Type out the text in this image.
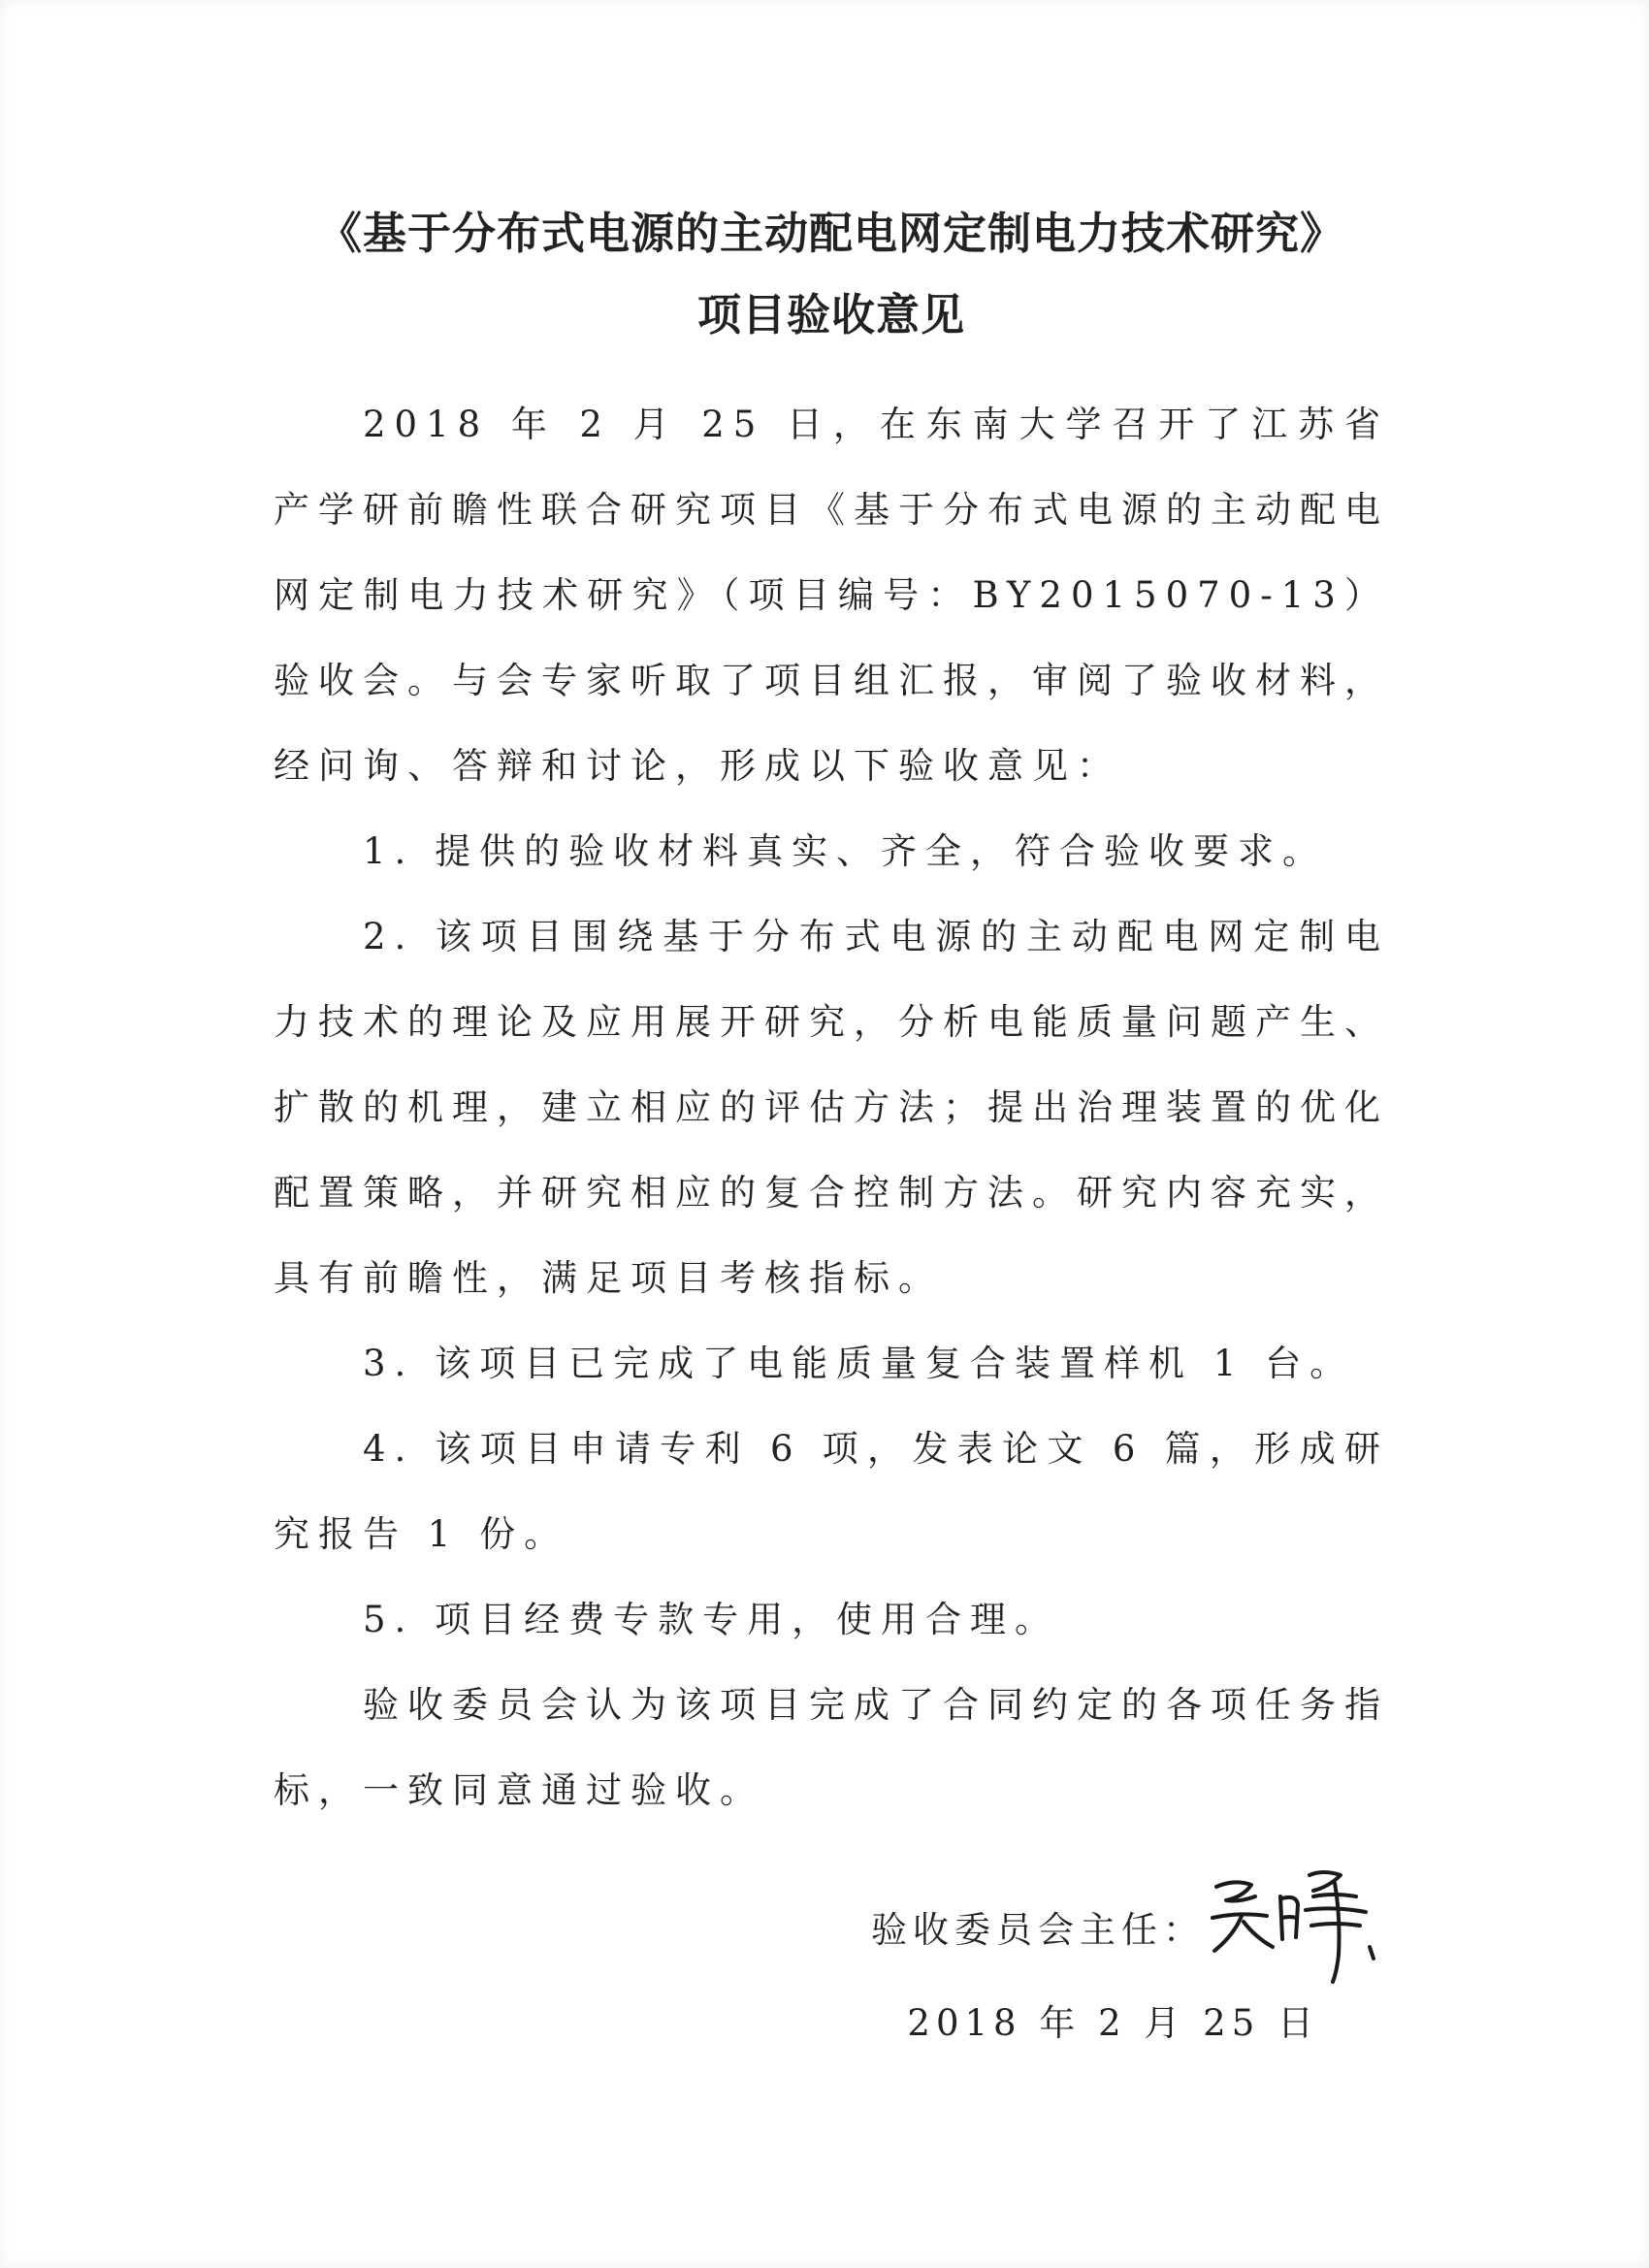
《基于分布式电源的主动配电网定制电力技术研究》
项目验收意见

2018 年 2 月 25 日，在东南大学召开了江苏省产学研前瞻性联合研究项目《基于分布式电源的主动配电网定制电力技术研究》（项目编号：BY2015070-13）验收会。与会专家听取了项目组汇报，审阅了验收材料，经问询、答辩和讨论，形成以下验收意见：

1. 提供的验收材料真实、齐全，符合验收要求。

2. 该项目围绕基于分布式电源的主动配电网定制电力技术的理论及应用展开研究，分析电能质量问题产生、扩散的机理，建立相应的评估方法；提出治理装置的优化配置策略，并研究相应的复合控制方法。研究内容充实，具有前瞻性，满足项目考核指标。

3. 该项目已完成了电能质量复合装置样机 1 台。

4. 该项目申请专利 6 项，发表论文 6 篇，形成研究报告 1 份。

5. 项目经费专款专用，使用合理。

验收委员会认为该项目完成了合同约定的各项任务指标，一致同意通过验收。

验收委员会主任：
2018 年 2 月 25 日
